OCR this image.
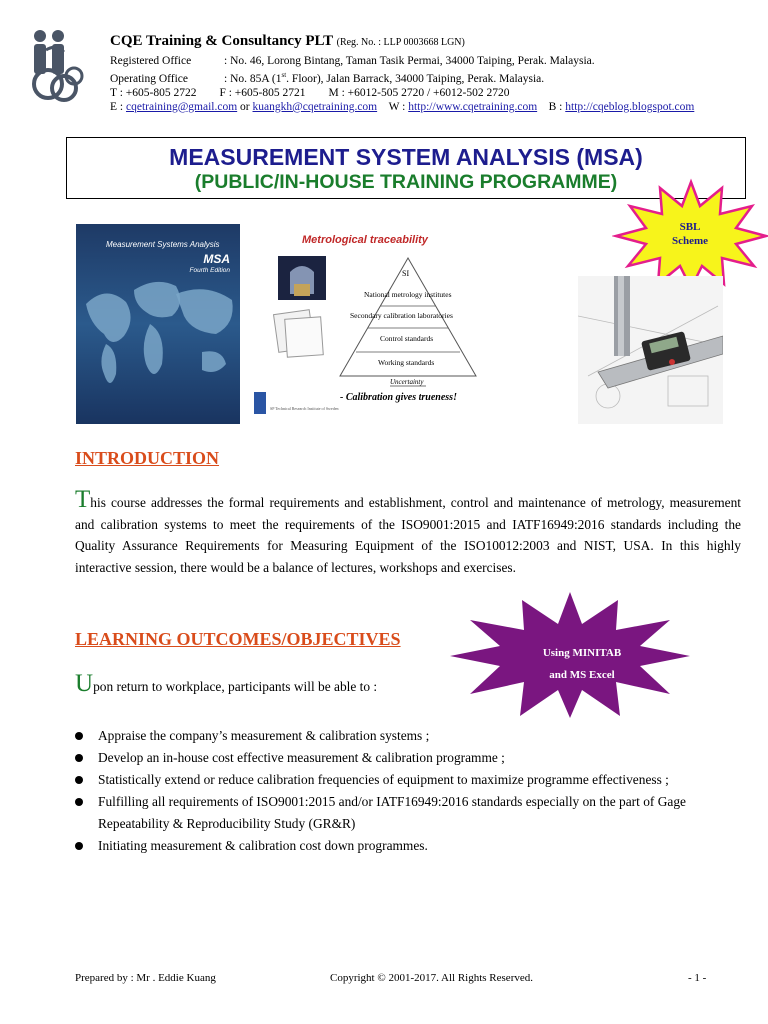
CQE Training & Consultancy PLT (Reg. No. : LLP 0003668 LGN)
Registered Office	: No. 46, Lorong Bintang, Taman Tasik Permai, 34000 Taiping, Perak. Malaysia.
Operating Office	: No. 85A (1st. Floor), Jalan Barrack, 34000 Taiping, Perak. Malaysia.
T : +605-805 2722 F : +605-805 2721 M : +6012-505 2720 / +6012-502 2720
E : cqetraining@gmail.com or kuangkh@cqetraining.com W : http://www.cqetraining.com B : http://cqeblog.blogspot.com
MEASUREMENT SYSTEM ANALYSIS (MSA)
(PUBLIC/IN-HOUSE TRAINING PROGRAMME)
SBL
Scheme
Measurement Systems Analysis
MSA
Fourth Edition
Metrological traceability
SI
National metrology institutes
Secondary calibration laboratories
Control standards
Working standards
Uncertainty
- Calibration gives trueness!
SP Technical Research Institute of Sweden
INTRODUCTION
This course addresses the formal requirements and establishment, control and maintenance of metrology, measurement and calibration systems to meet the requirements of the ISO9001:2015 and IATF16949:2016 standards including the Quality Assurance Requirements for Measuring Equipment of the ISO10012:2003 and NIST, USA. In this highly interactive session, there would be a balance of lectures, workshops and exercises.
LEARNING OUTCOMES/OBJECTIVES
Using MINITAB
and MS Excel
Upon return to workplace, participants will be able to :
Appraise the company’s measurement & calibration systems ;
Develop an in-house cost effective measurement & calibration programme ;
Statistically extend or reduce calibration frequencies of equipment to maximize programme effectiveness ;
Fulfilling all requirements of ISO9001:2015 and/or IATF16949:2016 standards especially on the part of Gage Repeatability & Reproducibility Study (GR&R)
Initiating measurement & calibration cost down programmes.
Prepared by : Mr . Eddie Kuang	Copyright © 2001-2017. All Rights Reserved.	- 1 -
